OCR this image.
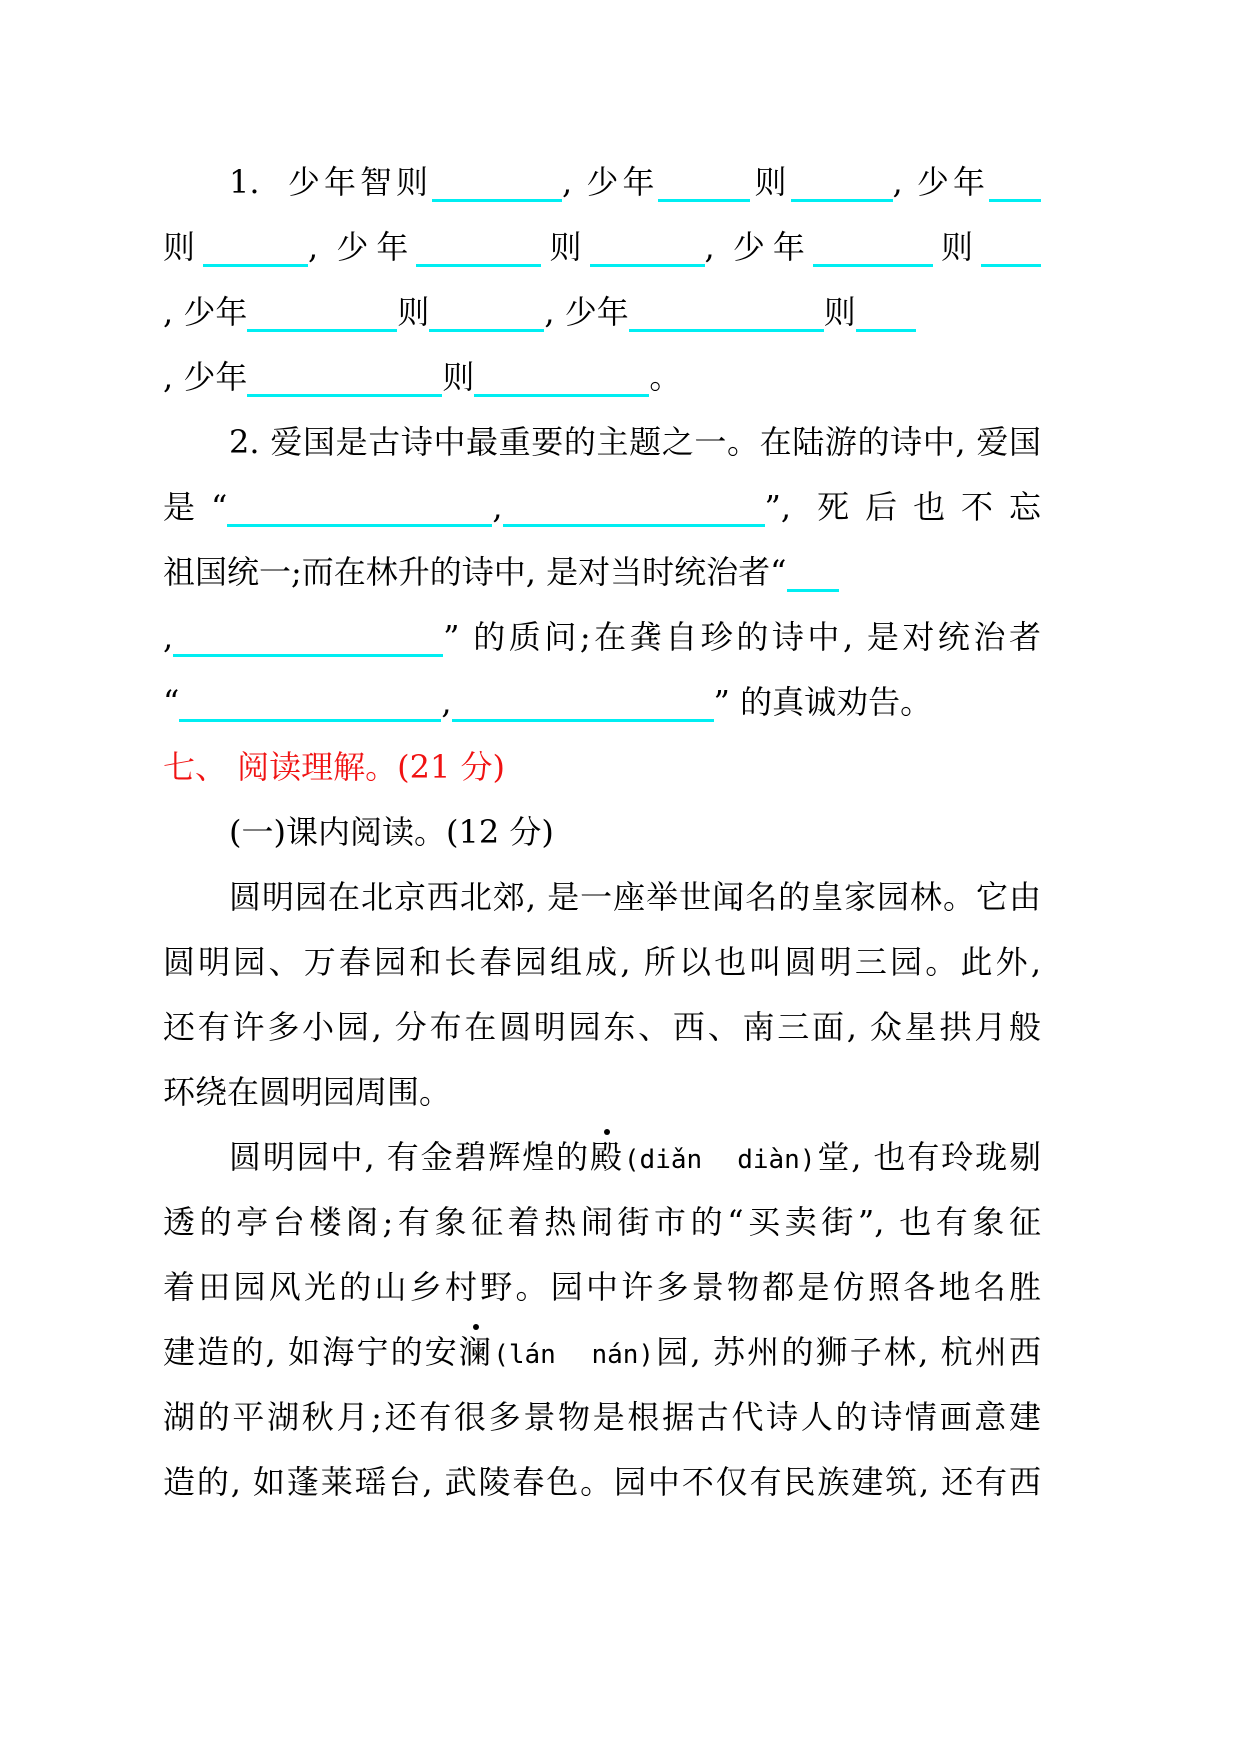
1.  少年智则	, 少年	则	, 少年
则	, 少年	则	, 少年	则
, 少年	则	, 少年	则
, 少年	则	。
2. 爱国是古诗中最重要的主题之一。在陆游的诗中, 爱国
是“	,	”, 死后也不忘
祖国统一;而在林升的诗中, 是对当时统治者“
,	” 的质问;在龚自珍的诗中, 是对统治者
“	,	” 的真诚劝告。
七、 阅读理解。(21 分)
(一)课内阅读。(12 分)
圆明园在北京西北郊, 是一座举世闻名的皇家园林。它由
圆明园、万春园和长春园组成, 所以也叫圆明三园。此外,
还有许多小园, 分布在圆明园东、西、南三面, 众星拱月般
环绕在圆明园周围。
圆明园中, 有金碧辉煌的殿(diǎn  diàn)堂, 也有玲珑剔
透的亭台楼阁;有象征着热闹街市的“买卖街”, 也有象征
着田园风光的山乡村野。园中许多景物都是仿照各地名胜
建造的, 如海宁的安澜(lán  nán)园, 苏州的狮子林, 杭州西
湖的平湖秋月;还有很多景物是根据古代诗人的诗情画意建
造的, 如蓬莱瑶台, 武陵春色。园中不仅有民族建筑, 还有西
